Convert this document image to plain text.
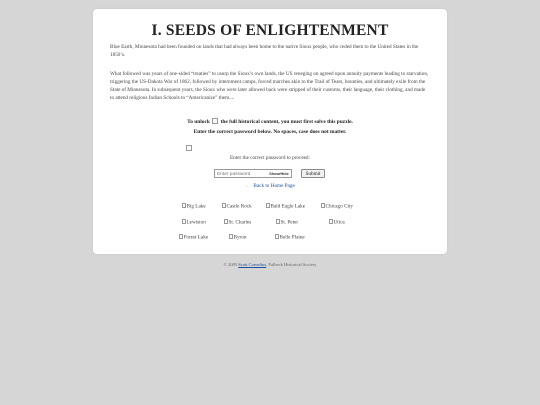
I. SEEDS OF ENLIGHTENMENT

Blue Earth, Minnesota had been founded on lands that had always been home to the native Sioux people, who ceded them to the United States in the 1850’s.

What followed was years of one-sided “treaties” to usurp the Sioux’s own lands, the US reneging on agreed upon annuity payments leading to starvation, triggering the US-Dakota War of 1862, followed by internment camps, forced marches akin to the Trail of Tears, bounties, and ultimately exile from the State of Minnesota. In subsequent years, the Sioux who were later allowed back were stripped of their customs, their language, their clothing, and made to attend religious Indian Schools to “Americanize” them....

To unlock the full historical content, you must first solve this puzzle.
Enter the correct password below. No spaces, case does not matter.
Enter the correct password to proceed:
Show/Hide	Submit
← Back to Home Page
Big Lake	Castle Rock	Bald Eagle Lake	Chicago City
Lewiston	St. Charles	St. Peter	Utica
Forest Lake	Byron	Belle Plaine
© 2005 Scott Cornelius, Fulbeck Historical Society
